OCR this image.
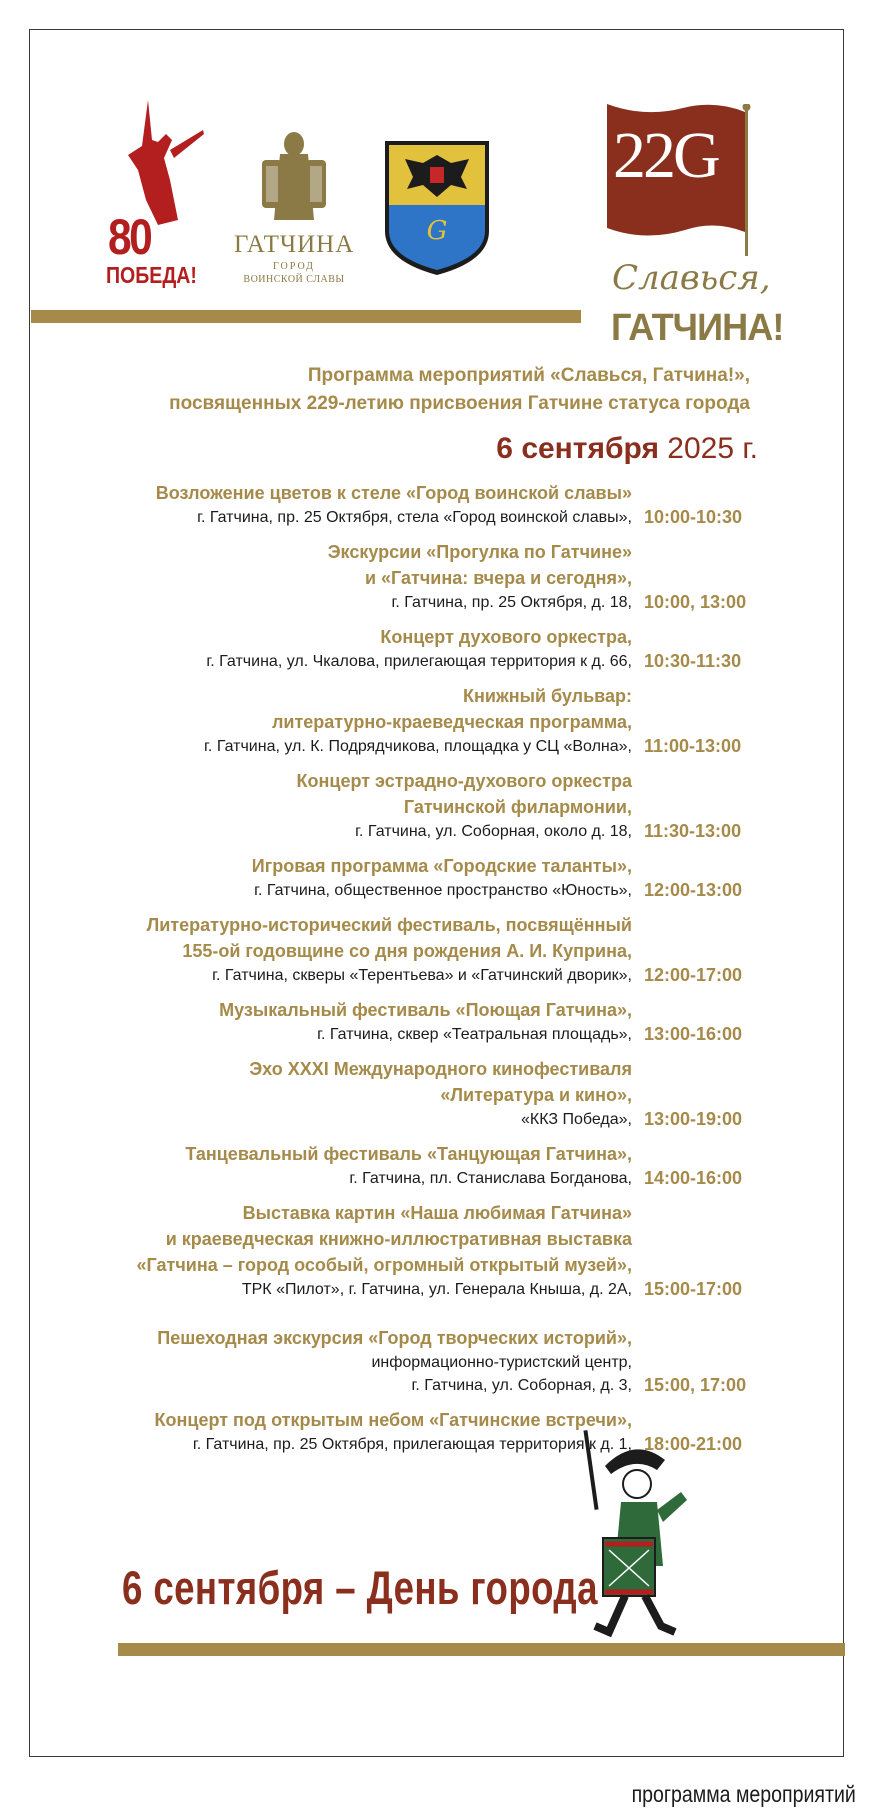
80
ПОБЕДА!
ГАТЧИНА
ГОРОД
ВОИНСКОЙ СЛАВЫ
G
22G
Славься,
ГАТЧИНА!
Программа мероприятий «Славься, Гатчина!»,
посвященных 229-летию присвоения Гатчине статуса города
6 сентября 2025 г.
Возложение цветов к стеле «Город воинской славы»
г. Гатчина, пр. 25 Октября, стела «Город воинской славы», 10:00-10:30
Экскурсии «Прогулка по Гатчине»
и «Гатчина: вчера и сегодня»,
г. Гатчина, пр. 25 Октября, д. 18, 10:00, 13:00
Концерт духового оркестра,
г. Гатчина, ул. Чкалова, прилегающая территория к д. 66, 10:30-11:30
Книжный бульвар:
литературно-краеведческая программа,
г. Гатчина, ул. К. Подрядчикова, площадка у СЦ «Волна», 11:00-13:00
Концерт эстрадно-духового оркестра
Гатчинской филармонии,
г. Гатчина, ул. Соборная, около д. 18, 11:30-13:00
Игровая программа «Городские таланты»,
г. Гатчина, общественное пространство «Юность», 12:00-13:00
Литературно-исторический фестиваль, посвящённый
155-ой годовщине со дня рождения А. И. Куприна,
г. Гатчина, скверы «Терентьева» и «Гатчинский дворик», 12:00-17:00
Музыкальный фестиваль «Поющая Гатчина»,
г. Гатчина, сквер «Театральная площадь», 13:00-16:00
Эхо XXXI Международного кинофестиваля
«Литература и кино»,
«ККЗ Победа», 13:00-19:00
Танцевальный фестиваль «Танцующая Гатчина»,
г. Гатчина, пл. Станислава Богданова, 14:00-16:00
Выставка картин «Наша любимая Гатчина»
и краеведческая книжно-иллюстративная выставка
«Гатчина – город особый, огромный открытый музей»,
ТРК «Пилот», г. Гатчина, ул. Генерала Кныша, д. 2А, 15:00-17:00
Пешеходная экскурсия «Город творческих историй»,
информационно-туристский центр,
г. Гатчина, ул. Соборная, д. 3, 15:00, 17:00
Концерт под открытым небом «Гатчинские встречи»,
г. Гатчина, пр. 25 Октября, прилегающая территория к д. 1, 18:00-21:00
6 сентября – День города
программа мероприятий
